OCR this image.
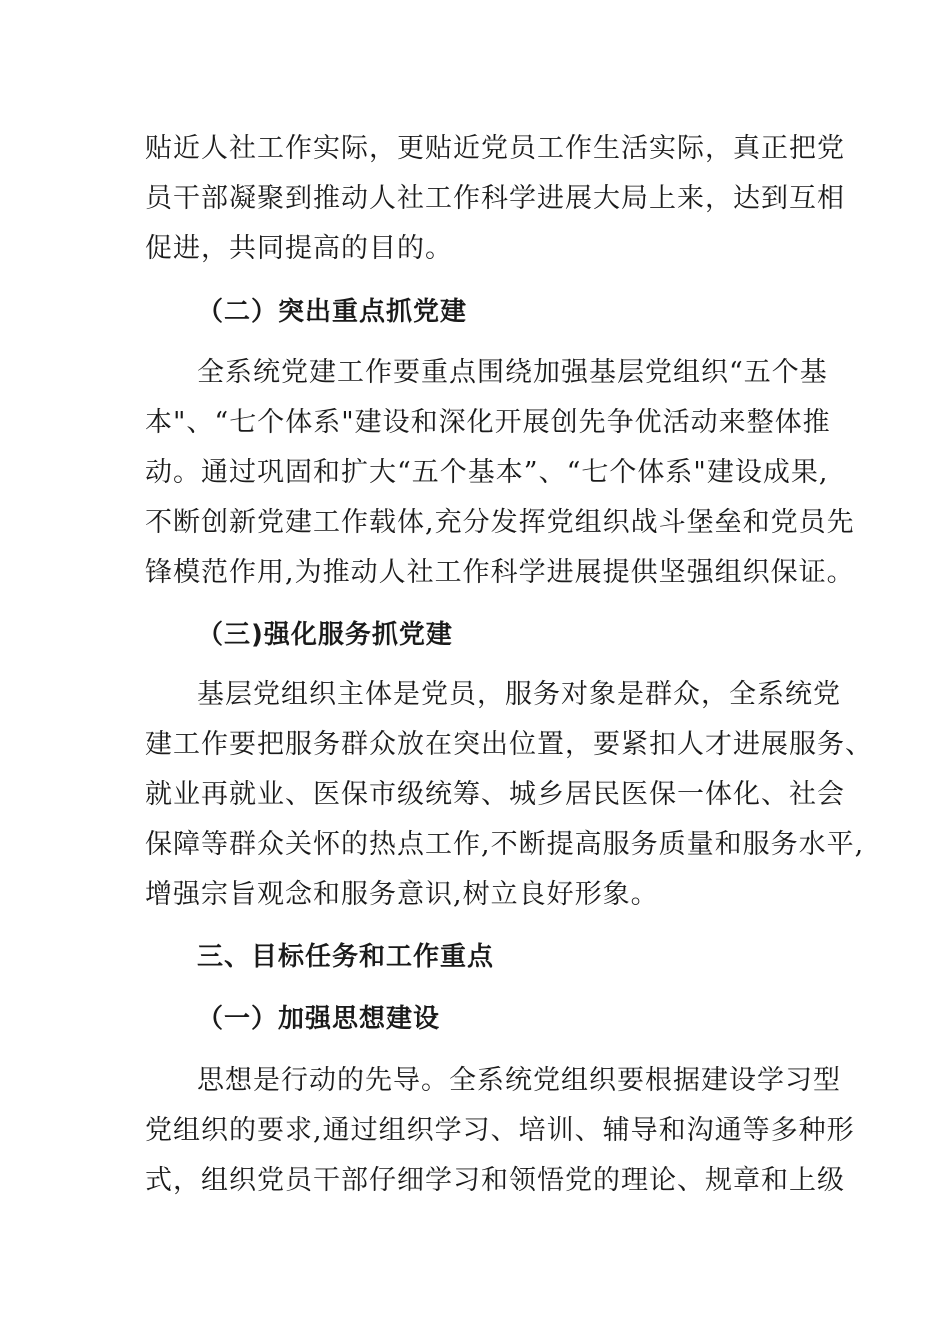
贴近人社工作实际，更贴近党员工作生活实际，真正把党
员干部凝聚到推动人社工作科学进展大局上来，达到互相
促进，共同提高的目的。
（二）突出重点抓党建
全系统党建工作要重点围绕加强基层党组织“五个基
本"、“七个体系"建设和深化开展创先争优活动来整体推
动。通过巩固和扩大“五个基本”、“七个体系"建设成果,
不断创新党建工作载体,充分发挥党组织战斗堡垒和党员先
锋模范作用,为推动人社工作科学进展提供坚强组织保证。
（三)强化服务抓党建
基层党组织主体是党员，服务对象是群众，全系统党
建工作要把服务群众放在突出位置，要紧扣人才进展服务、
就业再就业、医保市级统筹、城乡居民医保一体化、社会
保障等群众关怀的热点工作,不断提高服务质量和服务水平,
增强宗旨观念和服务意识,树立良好形象。
三、目标任务和工作重点
（一）加强思想建设
思想是行动的先导。全系统党组织要根据建设学习型
党组织的要求,通过组织学习、培训、辅导和沟通等多种形
式，组织党员干部仔细学习和领悟党的理论、规章和上级
